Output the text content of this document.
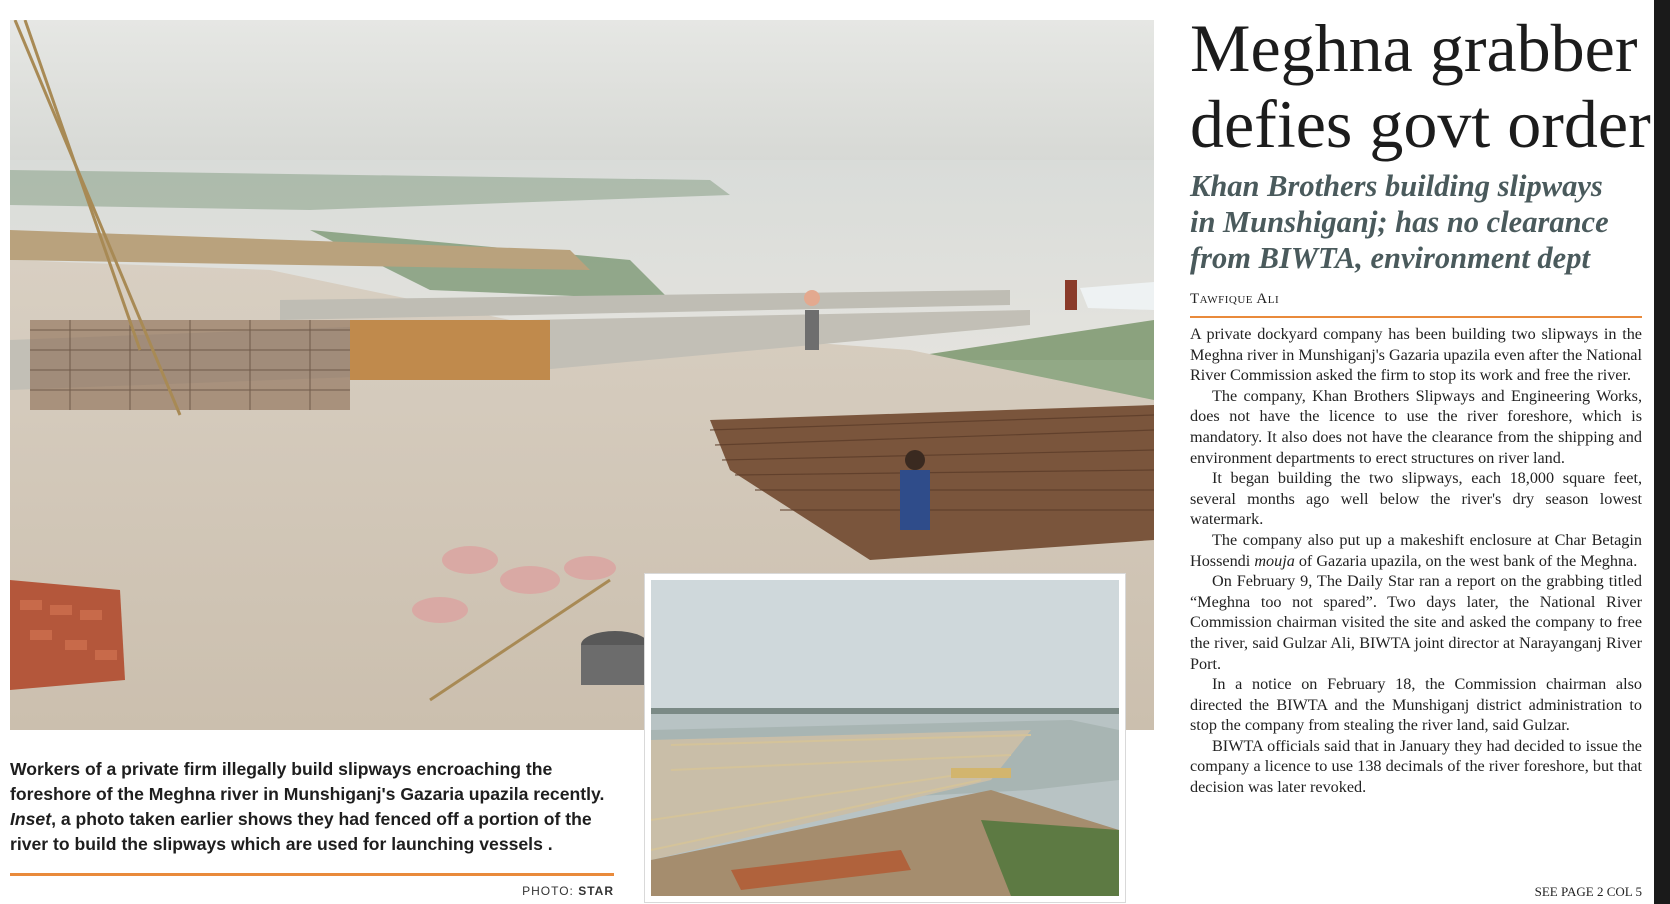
Workers of a private firm illegally build slipways encroaching the foreshore of the Meghna river in Munshiganj's Gazaria upazila recently.
Inset, a photo taken earlier shows they had fenced off a portion of the river to build the slipways which are used for launching vessels .

PHOTO: STAR
Meghna grabber
defies govt order
Khan Brothers building slipways
in Munshiganj; has no clearance
from BIWTA, environment dept
Tawfique Ali

A private dockyard company has been building two slipways in the Meghna river in Munshiganj's Gazaria upazila even after the National River Commission asked the firm to stop its work and free the river.

The company, Khan Brothers Slipways and Engineering Works, does not have the licence to use the river foreshore, which is mandatory. It also does not have the clearance from the shipping and environment departments to erect structures on river land.

It began building the two slipways, each 18,000 square feet, several months ago well below the river's dry season lowest watermark.

The company also put up a makeshift enclosure at Char Betagin Hossendi mouja of Gazaria upazila, on the west bank of the Meghna.

On February 9, The Daily Star ran a report on the grabbing titled “Meghna too not spared”. Two days later, the National River Commission chairman visited the site and asked the company to free the river, said Gulzar Ali, BIWTA joint director at Narayanganj River Port.

In a notice on February 18, the Commission chairman also directed the BIWTA and the Munshiganj district administration to stop the company from stealing the river land, said Gulzar.

BIWTA officials said that in January they had decided to issue the company a licence to use 138 decimals of the river foreshore, but that decision was later revoked.

SEE PAGE 2 COL 5
